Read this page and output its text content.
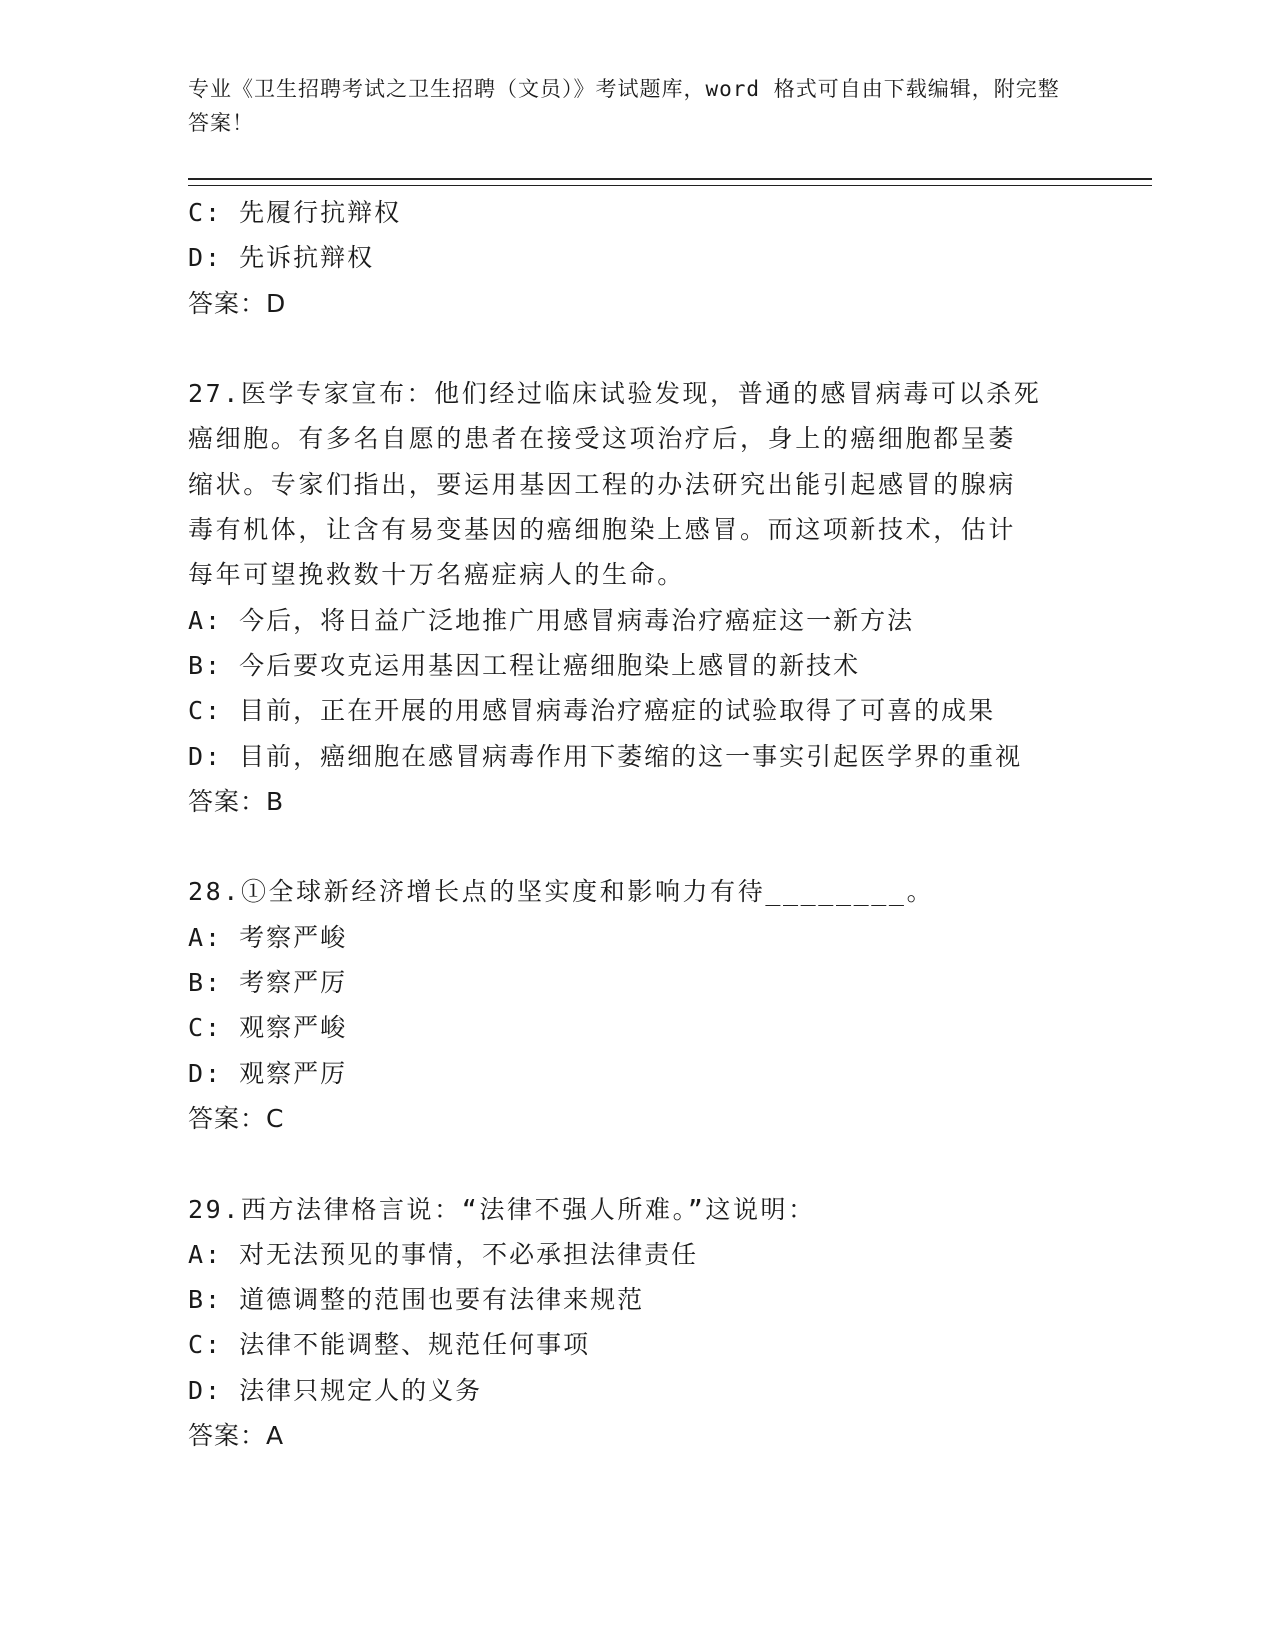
专业《卫生招聘考试之卫生招聘（文员）》考试题库，word 格式可自由下载编辑，附完整答案！
C: 先履行抗辩权
D: 先诉抗辩权
答案：D
27.医学专家宣布：他们经过临床试验发现，普通的感冒病毒可以杀死
癌细胞。有多名自愿的患者在接受这项治疗后，身上的癌细胞都呈萎
缩状。专家们指出，要运用基因工程的办法研究出能引起感冒的腺病
毒有机体，让含有易变基因的癌细胞染上感冒。而这项新技术，估计
每年可望挽救数十万名癌症病人的生命。
A: 今后，将日益广泛地推广用感冒病毒治疗癌症这一新方法
B: 今后要攻克运用基因工程让癌细胞染上感冒的新技术
C: 目前，正在开展的用感冒病毒治疗癌症的试验取得了可喜的成果
D: 目前，癌细胞在感冒病毒作用下萎缩的这一事实引起医学界的重视
答案：B
28.①全球新经济增长点的坚实度和影响力有待________。
A: 考察严峻
B: 考察严厉
C: 观察严峻
D: 观察严厉
答案：C
29.西方法律格言说：“法律不强人所难。”这说明：
A: 对无法预见的事情，不必承担法律责任
B: 道德调整的范围也要有法律来规范
C: 法律不能调整、规范任何事项
D: 法律只规定人的义务
答案：A
